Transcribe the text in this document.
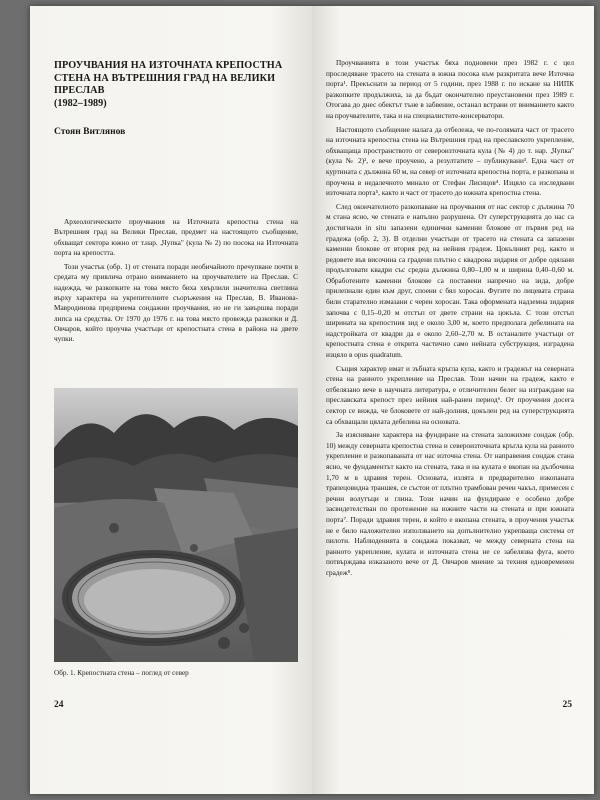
ПРОУЧВАНИЯ НА ИЗТОЧНАТА КРЕПОСТНА СТЕНА НА ВЪТРЕШНИЯ ГРАД НА ВЕЛИКИ ПРЕСЛАВ
(1982–1989)
Стоян Витлянов

Археологическите проучвания на Източната крепостна стена на Вътрешния град на Велики Преслав, предмет на настоящото съобщение, обхващат сектора южно от т.нар. „Чупка" (кула № 2) по посока на Източната порта на крепостта.

Този участък (обр. 1) от стената поради необичайното пречупване почти в средата му привлича отрано вниманието на проучвателите на Преслав. С надежда, че разкопките на това място биха хвърлили значителна светлина върху характера на укрепителните съоръжения на Преслав, В. Иванова-Мавродинова предприема сондажни проучвания, но не ги завършва поради липса на средства. От 1970 до 1976 г. на това място провежда разкопки и Д. Овчаров, който проучва участъци от крепостната стена в района на двете чупки.

Обр. 1. Крепостната стена – поглед от север
24

Проучванията в този участък бяха подновени през 1982 г. с цел проследяване трасето на стената в южна посока към разкритата вече Източна порта¹. Прекъснати за период от 5 години, през 1988 г. по искане на НИПК разкопките продължиха, за да бъдат окончателно преустановени през 1989 г. Отогава до днес обектът тъне в забвение, останал встрани от вниманието както на проучвателите, така и на специалистите-консерватори.

Настоящото съобщение налага да отбележа, че по-голямата част от трасето на източната крепостна стена на Вътрешния град на преславското укрепление, обхващаща пространството от североизточната кула (№ 4) до т. нар. „Чупка" (кула № 2)², е вече проучено, а резултатите – публикувани³. Една част от куртината с дължина 60 м, на север от източната крепостна порта, е разкопана и проучена в недалечното минало от Стефан Лисицов⁴. Изцяло са изследвани източната порта⁵, както и част от трасето до южната крепостна стена.

След окончателното разкопаване на проучвания от нас сектор с дължина 70 м стана ясно, че стената е напълно разрушена. От суперструкцията до нас са достигнали in situ запазени единични каменни блокове от първия ред на градежа (обр. 2, 3). В отделни участъци от трасето на стената са запазени каменни блокове от втория ред на нейния градеж. Цокълният ред, както и редовете във височина са градени плътно с квадрова зидария от добре одялани продълговати квадри със средна дължина 0,80–1,00 м и ширина 0,40–0,60 м. Обработените каменни блокове са поставени напречно на зида, добре прилепнали един към друг, споени с бял хоросан. Фугите по лицевата страна били старателно измазани с черен хоросан. Така оформената надземна зидария започва с 0,15–0,20 м отстъп от двете страни на цокъла. С този отстъп ширината на крепостния зид е около 3,00 м, което предполага дебелината на надстройката от квадри да е около 2,60–2,70 м. В останалите участъци от крепостната стена е открита частично само нейната субструкция, изградена изцяло в opus quadratum.

Същия характер имат и зъбната кръгла кула, както и градежът на северната стена на ранното укрепление на Преслав. Този начин на градеж, както е отбелязано вече в научната литература, е отличителен белег на изграждане на преславската крепост през нейния най-ранен период⁶. От проучения досега сектор се вижда, че блоковете от най-долния, цокълен ред на суперструкцията са обхващали цялата дебелина на основата.

За изясняване характера на фундиране на стената заложихме сондаж (обр. 10) между северната крепостна стена и североизточната кръгла кула на ранното укрепление и разкопаваната от нас източна стена. От направения сондаж стана ясно, че фундаментът както на стената, така и на кулата е вкопан на дълбочина 1,70 м в здравия терен. Основата, излята в предварително изкопаната трапецовидна траншея, се състои от плътно трамбован речен чакъл, примесен с речни волутъци и глина. Този начин на фундиране е особено добре засвидетелстван по протежение на южните части на стената и при южната порта⁷. Поради здравия терен, в който е вкопана стената, в проучения участък не е било наложително използването на допълнително укрепваща система от пилоти. Наблюденията в сондажа показват, че между северната стена на ранното укрепление, кулата и източната стена не се забелязва фуга, което потвърждава изказаното вече от Д. Овчаров мнение за техния едновременен градеж⁸.

25
